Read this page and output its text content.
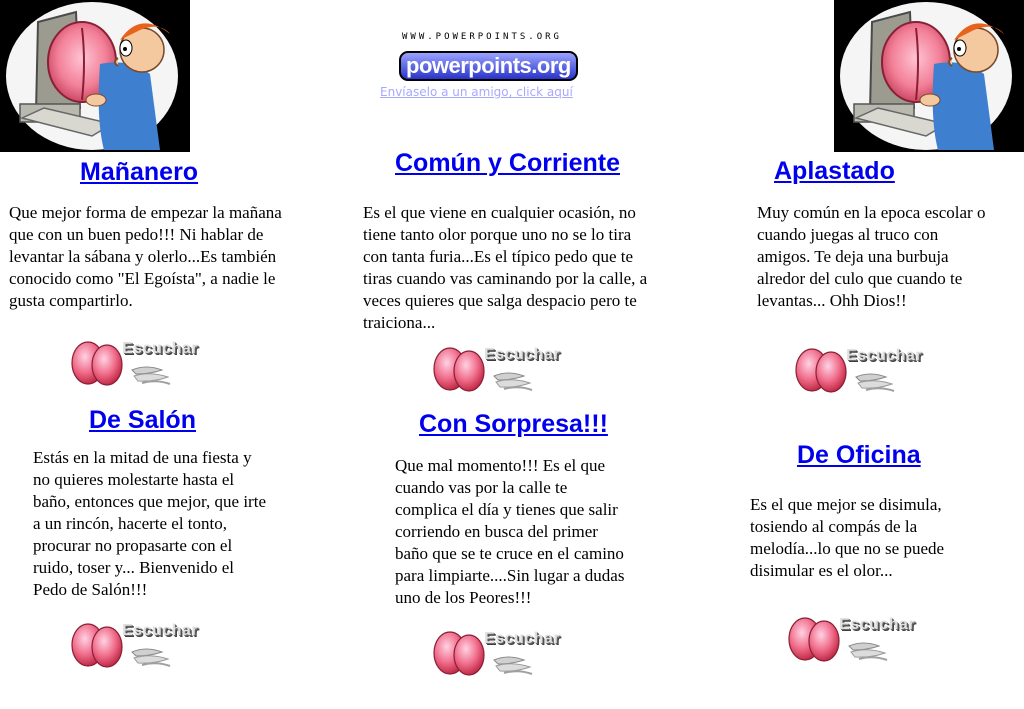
WWW.POWERPOINTS.ORG
powerpoints.org
Envíaselo a un amigo, click aquí
Mañanero
Que mejor forma de empezar la mañana
que con un buen pedo!!! Ni hablar de
levantar la sábana y olerlo...Es también
conocido como "El Egoísta", a nadie le
gusta compartirlo.
Escuchar
Común y Corriente
Es el que viene en cualquier ocasión, no
tiene tanto olor porque uno no se lo tira
con tanta furia...Es el típico pedo que te
tiras cuando vas caminando por la calle, a
veces quieres que salga despacio pero te
traiciona...
Escuchar
Aplastado
Muy común en la epoca escolar o
cuando juegas al truco con
amigos. Te deja una burbuja
alredor del culo que cuando te
levantas... Ohh Dios!!
Escuchar
De Salón
Estás en la mitad de una fiesta y
no quieres molestarte hasta el
baño, entonces que mejor, que irte
a un rincón, hacerte el tonto,
procurar no propasarte con el
ruido, toser y... Bienvenido el
Pedo de Salón!!!
Escuchar
Con Sorpresa!!!
Que mal momento!!! Es el que
cuando vas por la calle te
complica el día y tienes que salir
corriendo en busca del primer
baño que se te cruce en el camino
para limpiarte....Sin lugar a dudas
uno de los Peores!!!
Escuchar
De Oficina
Es el que mejor se disimula,
tosiendo al compás de la
melodía...lo que no se puede
disimular es el olor...
Escuchar
